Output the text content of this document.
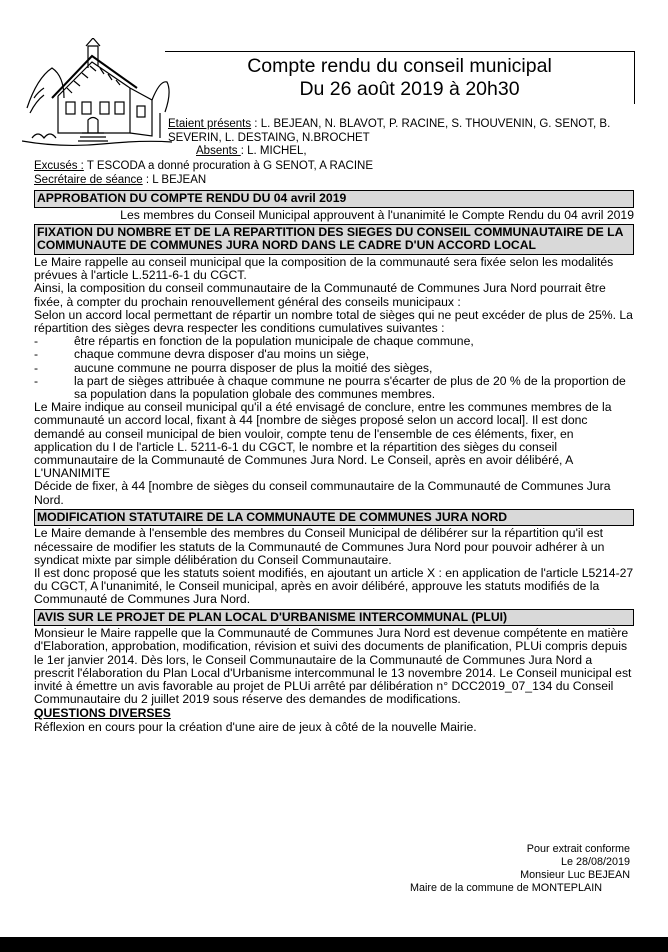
Compte rendu du conseil municipal
Du 26 août 2019 à 20h30
Etaient présents : L. BEJEAN, N. BLAVOT, P. RACINE, S. THOUVENIN, G. SENOT, B. SEVERIN, L. DESTAING, N.BROCHET
Absents : L. MICHEL,
Excusés : T ESCODA a donné procuration à G SENOT, A RACINE
Secrétaire de séance : L BEJEAN
APPROBATION DU COMPTE RENDU DU 04 avril 2019

Les membres du Conseil Municipal approuvent à l'unanimité le Compte Rendu du 04 avril 2019

FIXATION DU NOMBRE ET DE LA REPARTITION DES SIEGES DU CONSEIL COMMUNAUTAIRE DE LA COMMUNAUTE DE COMMUNES JURA NORD DANS LE CADRE D'UN ACCORD LOCAL

Le Maire rappelle au conseil municipal que la composition de la communauté sera fixée selon les modalités prévues à l'article L.5211-6-1 du CGCT.

Ainsi, la composition du conseil communautaire de la Communauté de Communes Jura Nord pourrait être fixée, à compter du prochain renouvellement général des conseils municipaux :

Selon un accord local permettant de répartir un nombre total de sièges qui ne peut excéder de plus de 25%. La répartition des sièges devra respecter les conditions cumulatives suivantes :

-	être répartis en fonction de la population municipale de chaque commune,
-	chaque commune devra disposer d'au moins un siège,
-	aucune commune ne pourra disposer de plus la moitié des sièges,
-	la part de sièges attribuée à chaque commune ne pourra s'écarter de plus de 20 % de la proportion de sa population dans la population globale des communes membres.

Le Maire indique au conseil municipal qu'il a été envisagé de conclure, entre les communes membres de la communauté un accord local, fixant à 44 [nombre de sièges proposé selon un accord local]. Il est donc demandé au conseil municipal de bien vouloir, compte tenu de l'ensemble de ces éléments, fixer, en application du I de l'article L. 5211-6-1 du CGCT, le nombre et la répartition des sièges du conseil communautaire de la Communauté de Communes Jura Nord. Le Conseil, après en avoir délibéré, A L'UNANIMITE

Décide de fixer, à 44 [nombre de sièges du conseil communautaire de la Communauté de Communes Jura Nord.

MODIFICATION STATUTAIRE DE LA COMMUNAUTE DE COMMUNES JURA NORD

Le Maire demande à l'ensemble des membres du Conseil Municipal de délibérer sur la répartition qu'il est nécessaire de modifier les statuts de la Communauté de Communes Jura Nord pour pouvoir adhérer à un syndicat mixte par simple délibération du Conseil Communautaire.

Il est donc proposé que les statuts soient modifiés, en ajoutant un article X : en application de l'article L5214-27 du CGCT, A l'unanimité, le Conseil municipal, après en avoir délibéré, approuve les statuts modifiés de la Communauté de Communes Jura Nord.

AVIS SUR LE PROJET DE PLAN LOCAL D'URBANISME INTERCOMMUNAL (PLUI)

Monsieur le Maire rappelle que la Communauté de Communes Jura Nord est devenue compétente en matière d'Elaboration, approbation, modification, révision et suivi des documents de planification, PLUi compris depuis le 1er janvier 2014. Dès lors, le Conseil Communautaire de la Communauté de Communes Jura Nord a prescrit l'élaboration du Plan Local d'Urbanisme intercommunal le 13 novembre 2014. Le Conseil municipal est invité à émettre un avis favorable au projet de PLUi arrêté par délibération n° DCC2019_07_134 du Conseil Communautaire du 2 juillet 2019 sous réserve des demandes de modifications.

QUESTIONS DIVERSES

Réflexion en cours pour la création d'une aire de jeux à côté de la nouvelle Mairie.

Pour extrait conforme
Le 28/08/2019
Monsieur Luc BEJEAN
Maire de la commune de MONTEPLAIN
